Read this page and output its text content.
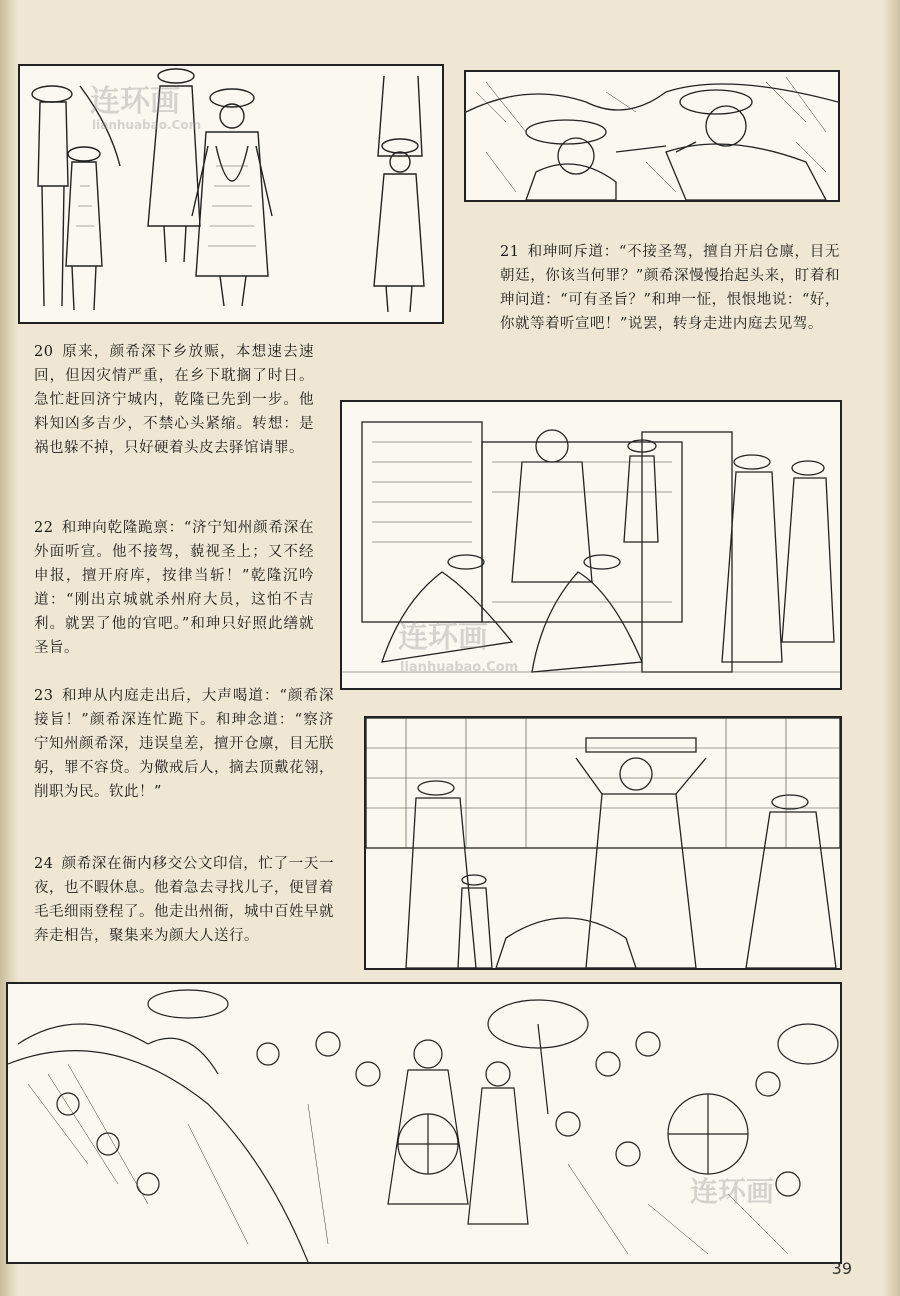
20 原来，颜希深下乡放赈，本想速去速回，但因灾情严重，在乡下耽搁了时日。急忙赶回济宁城内，乾隆已先到一步。他料知凶多吉少，不禁心头紧缩。转想：是祸也躲不掉，只好硬着头皮去驿馆请罪。
21 和珅呵斥道：“不接圣驾，擅自开启仓廪，目无朝廷，你该当何罪？”颜希深慢慢抬起头来，盯着和珅问道：“可有圣旨？”和珅一怔，恨恨地说：“好，你就等着听宣吧！”说罢，转身走进内庭去见驾。
22 和珅向乾隆跪禀：“济宁知州颜希深在外面听宣。他不接驾，藐视圣上；又不经申报，擅开府库，按律当斩！”乾隆沉吟道：“刚出京城就杀州府大员，这怕不吉利。就罢了他的官吧。”和珅只好照此缮就圣旨。
23 和珅从内庭走出后，大声喝道：“颜希深接旨！”颜希深连忙跪下。和珅念道：“察济宁知州颜希深，违误皇差，擅开仓廪，目无朕躬，罪不容贷。为儆戒后人，摘去顶戴花翎，削职为民。钦此！”
24 颜希深在衙内移交公文印信，忙了一天一夜，也不暇休息。他着急去寻找儿子，便冒着毛毛细雨登程了。他走出州衙，城中百姓早就奔走相告，聚集来为颜大人送行。
连环画
lianhuabao.Com
连环画
lianhuabao.Com
连环画
39
